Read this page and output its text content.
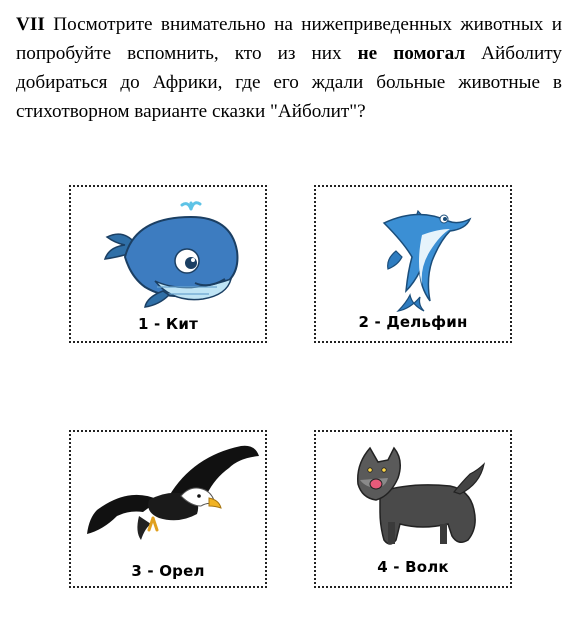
VII Посмотрите внимательно на нижеприведенных животных и попробуйте вспомнить, кто из них не помогал Айболиту добираться до Африки, где его ждали больные животные в стихотворном варианте сказки "Айболит"?

1 - Кит	2 - Дельфин
3 - Орел	4 - Волк
